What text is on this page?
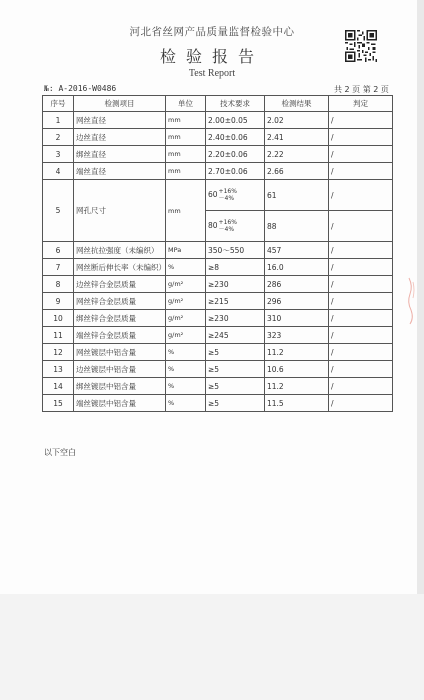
河北省丝网产品质量监督检验中心
检验报告
Test Report
№: A-2016-W0486	共 2 页 第 2 页
序号	检测项目	单位	技术要求	检测结果	判定
1	网丝直径	mm	2.00±0.05	2.02	/
2	边丝直径	mm	2.40±0.06	2.41	/
3	绑丝直径	mm	2.20±0.06	2.22	/
4	端丝直径	mm	2.70±0.06	2.66	/
5	网孔尺寸	mm	60+16%
－4%	61	/
			80+16%
－4%	88	/
6	网丝抗拉强度（未编织）	MPa	350～550	457	/
7	网丝断后伸长率（未编织）	%	≥8	16.0	/
8	边丝锌合金层质量	g/m²	≥230	286	/
9	网丝锌合金层质量	g/m²	≥215	296	/
10	绑丝锌合金层质量	g/m²	≥230	310	/
11	端丝锌合金层质量	g/m²	≥245	323	/
12	网丝镀层中铝含量	%	≥5	11.2	/
13	边丝镀层中铝含量	%	≥5	10.6	/
14	绑丝镀层中铝含量	%	≥5	11.2	/
15	端丝镀层中铝含量	%	≥5	11.5	/
以下空白
